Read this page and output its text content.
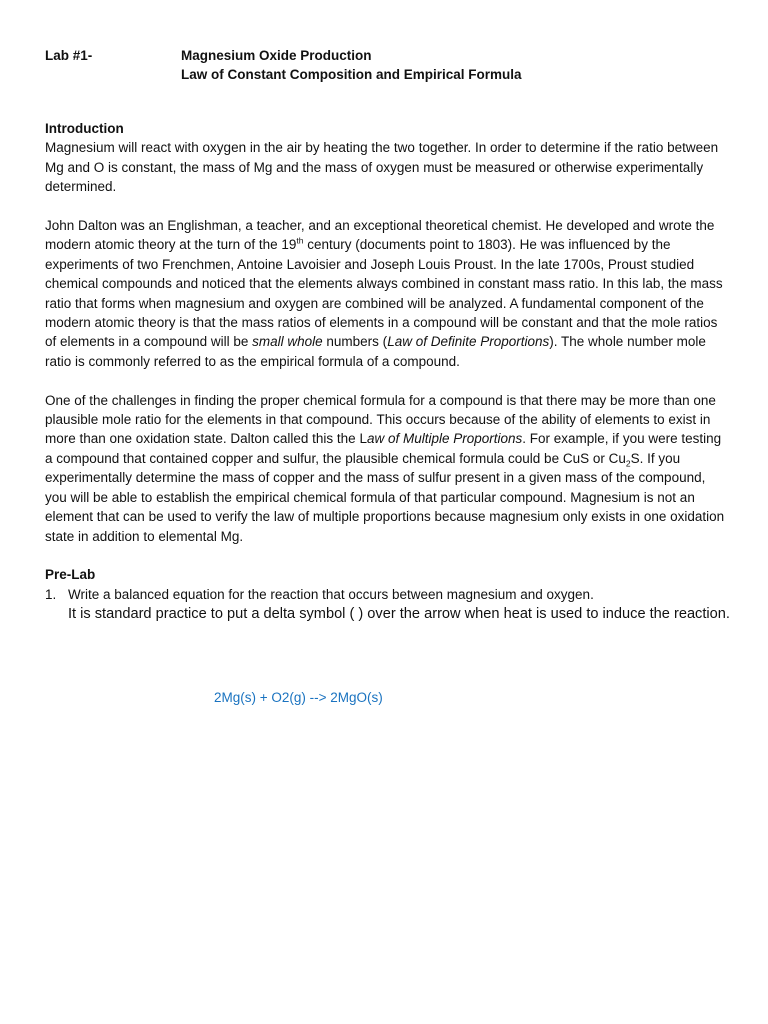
Lab #1-	Magnesium Oxide Production
Law of Constant Composition and Empirical Formula
Introduction

Magnesium will react with oxygen in the air by heating the two together. In order to determine if the ratio between Mg and O is constant, the mass of Mg and the mass of oxygen must be measured or otherwise experimentally determined.

John Dalton was an Englishman, a teacher, and an exceptional theoretical chemist. He developed and wrote the modern atomic theory at the turn of the 19th century (documents point to 1803). He was influenced by the experiments of two Frenchmen, Antoine Lavoisier and Joseph Louis Proust. In the late 1700s, Proust studied chemical compounds and noticed that the elements always combined in constant mass ratio. In this lab, the mass ratio that forms when magnesium and oxygen are combined will be analyzed. A fundamental component of the modern atomic theory is that the mass ratios of elements in a compound will be constant and that the mole ratios of elements in a compound will be small whole numbers (Law of Definite Proportions). The whole number mole ratio is commonly referred to as the empirical formula of a compound.

One of the challenges in finding the proper chemical formula for a compound is that there may be more than one plausible mole ratio for the elements in that compound. This occurs because of the ability of elements to exist in more than one oxidation state. Dalton called this the Law of Multiple Proportions. For example, if you were testing a compound that contained copper and sulfur, the plausible chemical formula could be CuS or $Cu_2S$. If you experimentally determine the mass of copper and the mass of sulfur present in a given mass of the compound, you will be able to establish the empirical chemical formula of that particular compound. Magnesium is not an element that can be used to verify the law of multiple proportions because magnesium only exists in one oxidation state in addition to elemental Mg.

Pre-Lab
1. Write a balanced equation for the reaction that occurs between magnesium and oxygen.
It is standard practice to put a delta symbol ( ) over the arrow when heat is used to induce the reaction.
2Mg(s) + O2(g) --> 2MgO(s)
